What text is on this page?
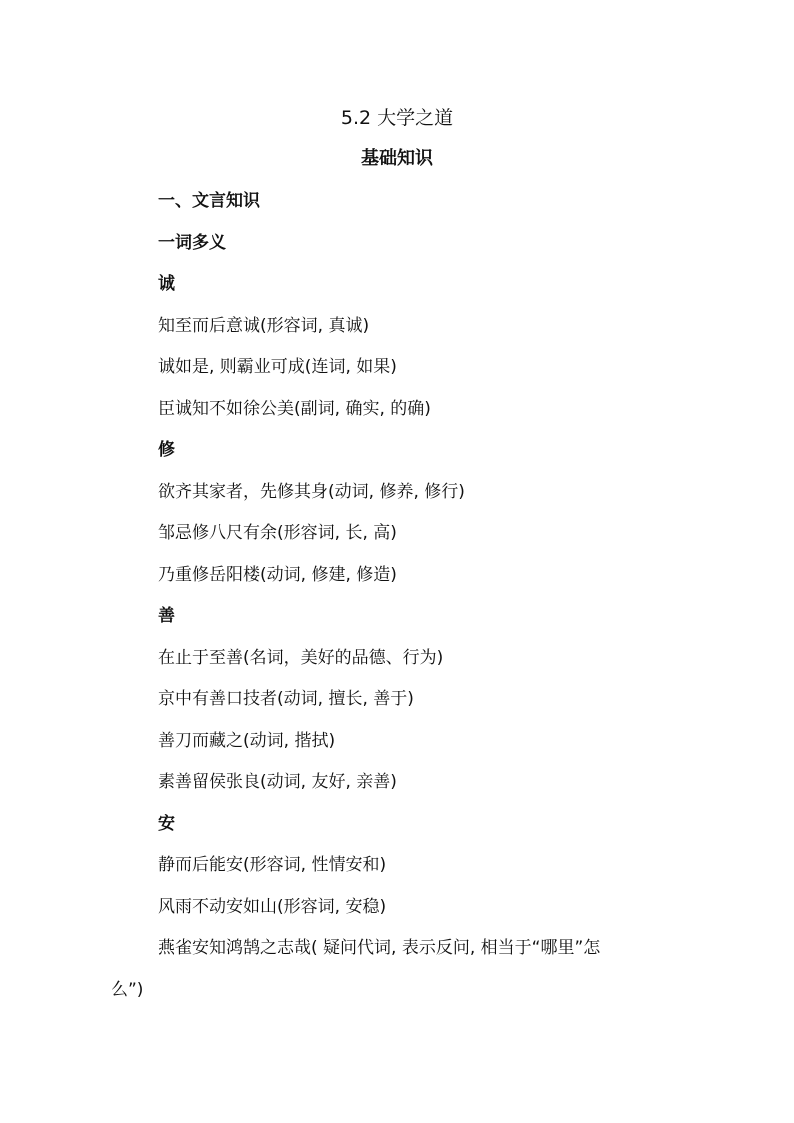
5.2 大学之道
基础知识
一、文言知识
一词多义
诚
知至而后意诚(形容词, 真诚)
诚如是, 则霸业可成(连词, 如果)
臣诚知不如徐公美(副词, 确实, 的确)
修
欲齐其家者，先修其身(动词, 修养, 修行)
邹忌修八尺有余(形容词, 长, 高)
乃重修岳阳楼(动词, 修建, 修造)
善
在止于至善(名词，美好的品德、行为)
京中有善口技者(动词, 擅长, 善于)
善刀而藏之(动词, 揩拭)
素善留侯张良(动词, 友好, 亲善)
安
静而后能安(形容词, 性情安和)
风雨不动安如山(形容词, 安稳)
燕雀安知鸿鹄之志哉( 疑问代词, 表示反问, 相当于“哪里”怎
么”)
